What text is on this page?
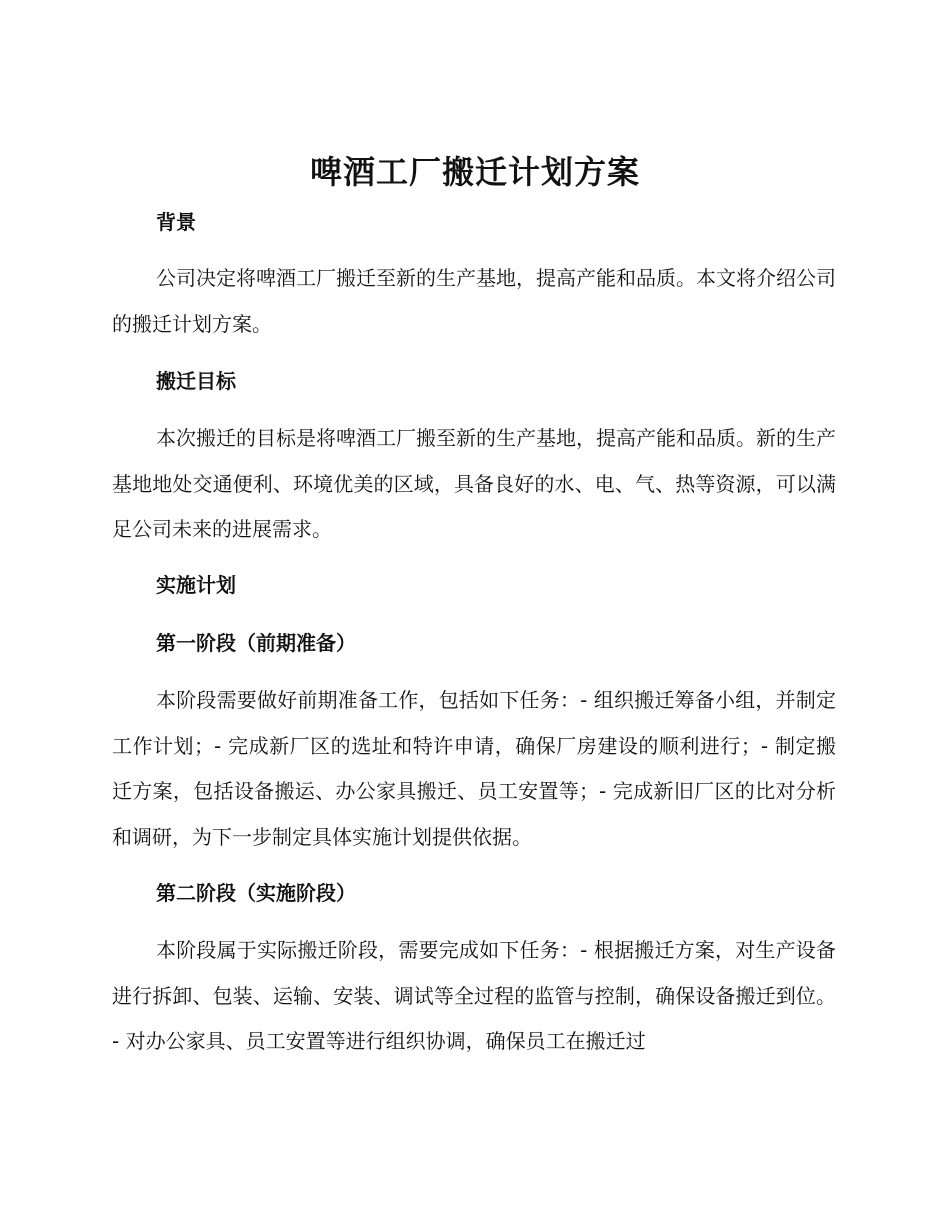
啤酒工厂搬迁计划方案
背景
公司决定将啤酒工厂搬迁至新的生产基地，提高产能和品质。本文将介绍公司的搬迁计划方案。
搬迁目标
本次搬迁的目标是将啤酒工厂搬至新的生产基地，提高产能和品质。新的生产基地地处交通便利、环境优美的区域，具备良好的水、电、气、热等资源，可以满足公司未来的进展需求。
实施计划
第一阶段（前期准备）
本阶段需要做好前期准备工作，包括如下任务：- 组织搬迁筹备小组，并制定工作计划；- 完成新厂区的选址和特许申请，确保厂房建设的顺利进行；- 制定搬迁方案，包括设备搬运、办公家具搬迁、员工安置等；- 完成新旧厂区的比对分析和调研，为下一步制定具体实施计划提供依据。
第二阶段（实施阶段）
本阶段属于实际搬迁阶段，需要完成如下任务：- 根据搬迁方案，对生产设备进行拆卸、包装、运输、安装、调试等全过程的监管与控制，确保设备搬迁到位。- 对办公家具、员工安置等进行组织协调，确保员工在搬迁过
